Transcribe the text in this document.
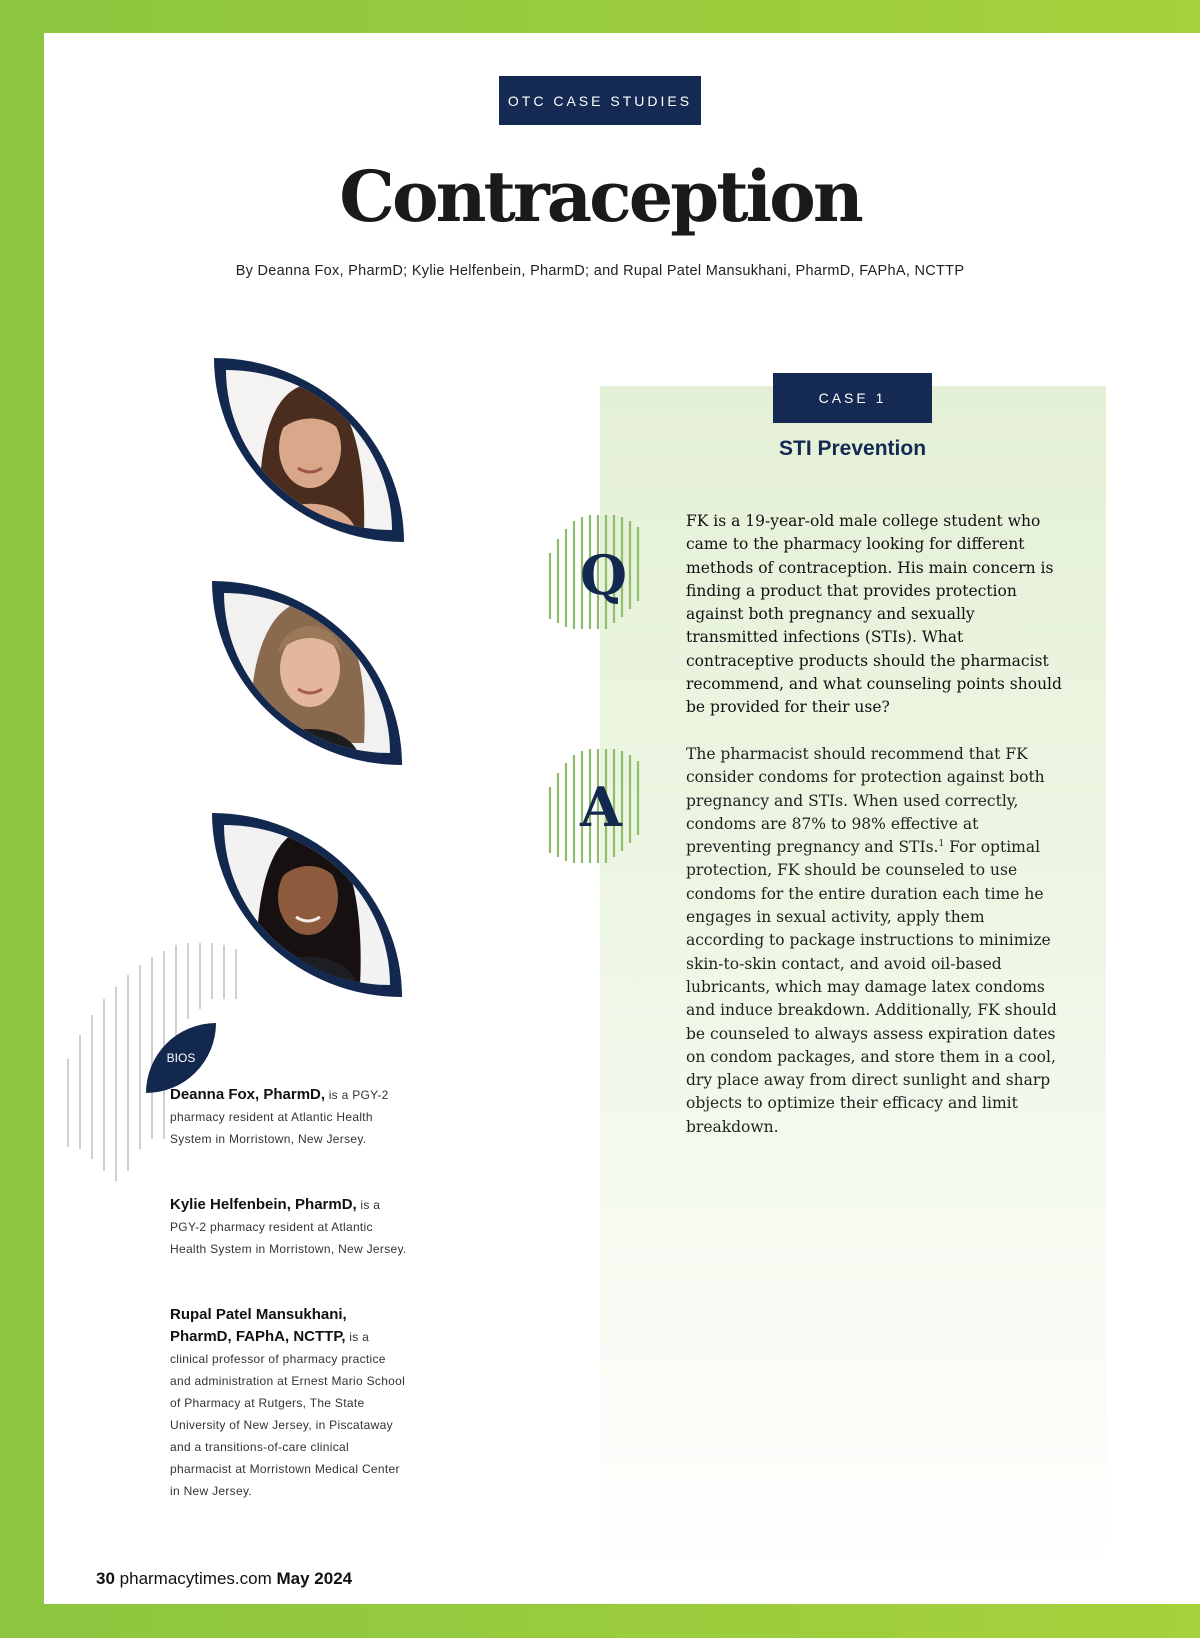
OTC CASE STUDIES
Contraception
By Deanna Fox, PharmD; Kylie Helfenbein, PharmD; and Rupal Patel Mansukhani, PharmD, FAPhA, NCTTP
BIOS
Deanna Fox, PharmD, is a PGY-2 pharmacy resident at Atlantic Health System in Morristown, New Jersey.
Kylie Helfenbein, PharmD, is a PGY-2 pharmacy resident at Atlantic Health System in Morristown, New Jersey.
Rupal Patel Mansukhani,
PharmD, FAPhA, NCTTP, is a clinical professor of pharmacy practice and administration at Ernest Mario School of Pharmacy at Rutgers, The State University of New Jersey, in Piscataway and a transitions-of-care clinical pharmacist at Morristown Medical Center in New Jersey.
CASE 1
STI Prevention
Q
A
FK is a 19-year-old male college student who came to the pharmacy looking for different methods of contraception. His main concern is finding a product that provides protection against both pregnancy and sexually transmitted infections (STIs). What contraceptive products should the pharmacist recommend, and what counseling points should be provided for their use?
The pharmacist should recommend that FK consider condoms for protection against both pregnancy and STIs. When used correctly, condoms are 87% to 98% effective at preventing pregnancy and STIs.$^1$ For optimal protection, FK should be counseled to use condoms for the entire duration each time he engages in sexual activity, apply them according to package instructions to minimize skin-to-skin contact, and avoid oil-based lubricants, which may damage latex condoms and induce breakdown. Additionally, FK should be counseled to always assess expiration dates on condom packages, and store them in a cool, dry place away from direct sunlight and sharp objects to optimize their efficacy and limit breakdown.
30 pharmacytimes.com May 2024
